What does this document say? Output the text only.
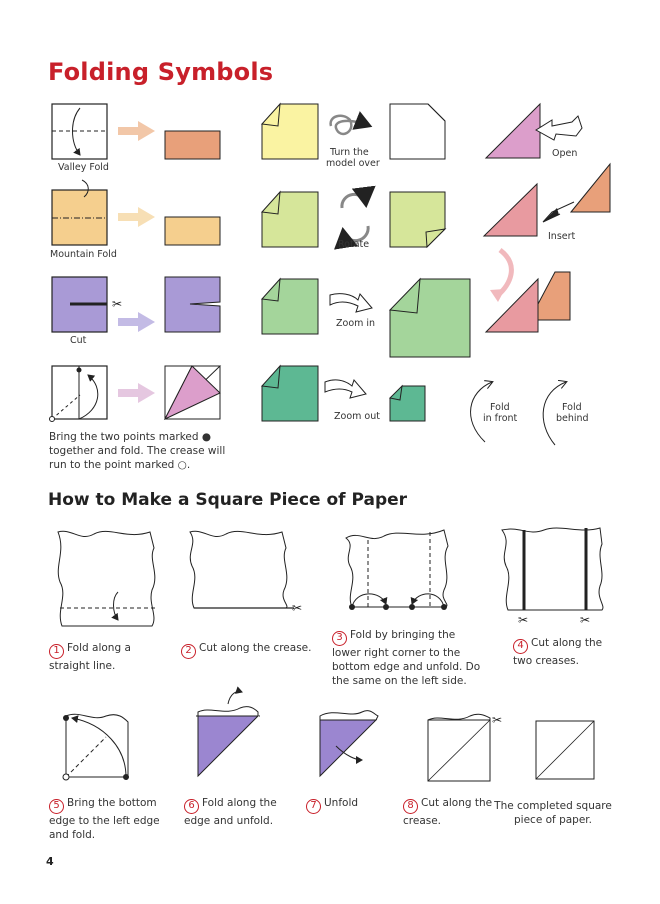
Folding Symbols
✂
✂
✂	✂
✂
Valley Fold
Mountain Fold
Cut
Bring the two points marked ● together and fold. The crease will run to the point marked ○.
Turn the
model over
Rotate
Zoom in
Zoom out
Open
Insert
Fold
in front
Fold
behind
How to Make a Square Piece of Paper
1 Fold along a straight line.
2 Cut along the crease.
3 Fold by bringing the lower right corner to the bottom edge and unfold. Do the same on the left side.
4 Cut along the two creases.
5 Bring the bottom edge to the left edge and fold.
6 Fold along the edge and unfold.
7 Unfold	8 Cut along the crease.
The completed square piece of paper.
4
